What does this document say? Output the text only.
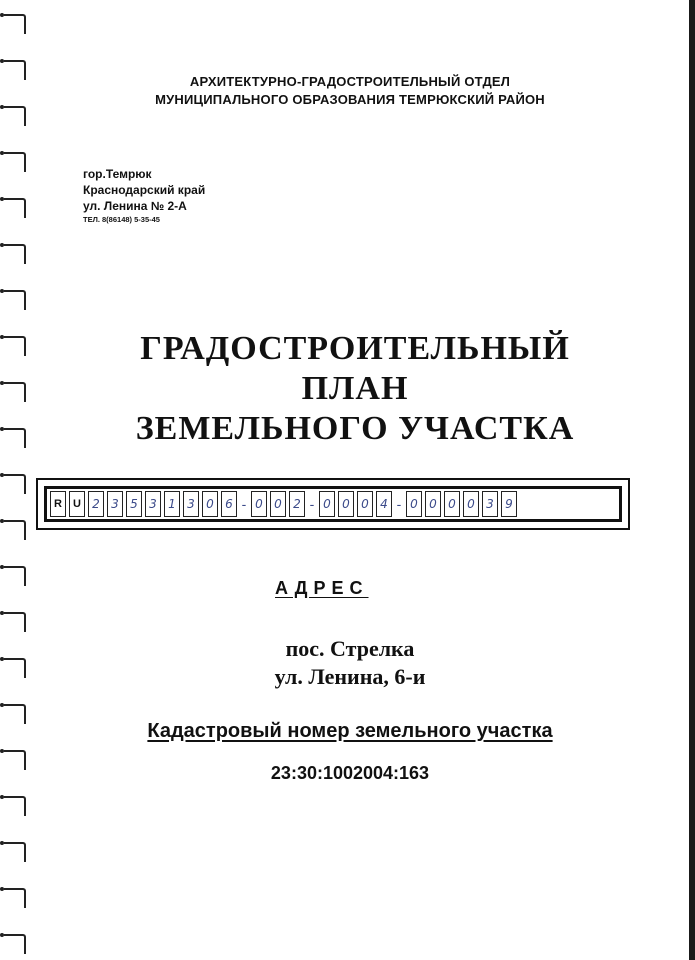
АРХИТЕКТУРНО-ГРАДОСТРОИТЕЛЬНЫЙ ОТДЕЛ
МУНИЦИПАЛЬНОГО ОБРАЗОВАНИЯ ТЕМРЮКСКИЙ РАЙОН
гор.Темрюк
Краснодарский край
ул. Ленина № 2-А
ТЕЛ. 8(86148) 5-35-45
ГРАДОСТРОИТЕЛЬНЫЙ
ПЛАН
ЗЕМЕЛЬНОГО УЧАСТКА
R	U 2 3 5 3 1 3 0 6 - 0 0 2 - 0 0 0 4 - 0 0 0 0 3 9
АДРЕС
пос. Стрелка
ул. Ленина, 6-и
Кадастровый номер земельного участка
23:30:1002004:163
